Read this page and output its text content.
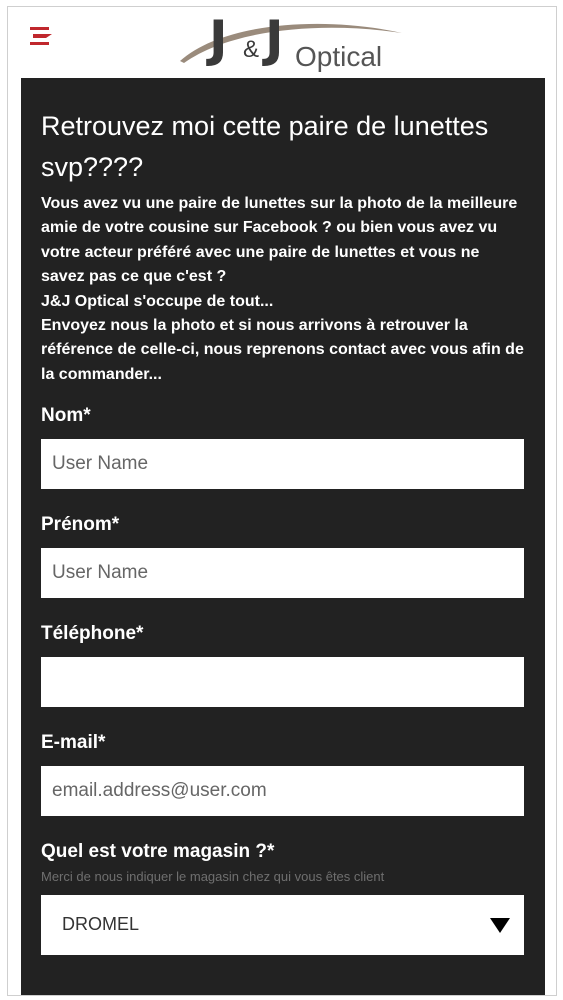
J & J Optical
Retrouvez moi cette paire de lunettes svp????

Vous avez vu une paire de lunettes sur la photo de la meilleure amie de votre cousine sur Facebook ? ou bien vous avez vu votre acteur préféré avec une paire de lunettes et vous ne savez pas ce que c'est ?

J&J Optical s'occupe de tout...

Envoyez nous la photo et si nous arrivons à retrouver la référence de celle-ci, nous reprenons contact avec vous afin de la commander...

Nom*
User Name
Prénom*
User Name
Téléphone*
E-mail*
email.address@user.com
Quel est votre magasin ?*
Merci de nous indiquer le magasin chez qui vous êtes client
DROMEL
